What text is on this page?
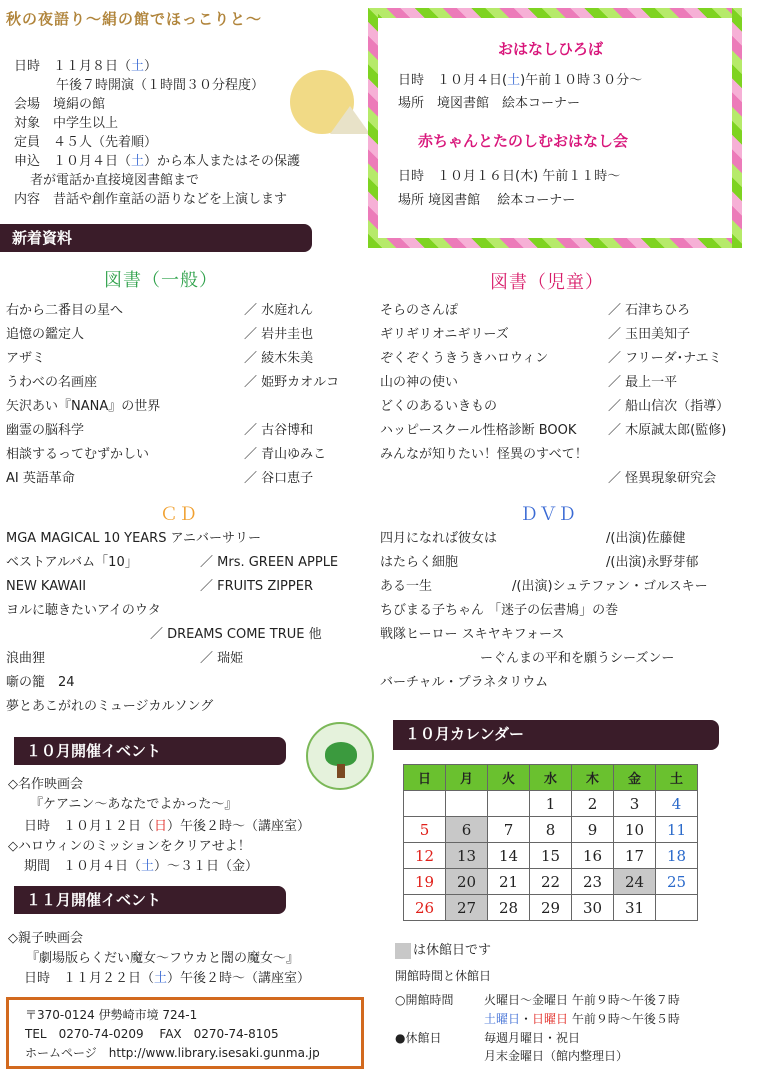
秋の夜語り～絹の館でほっこりと～
日時　１１月８日（土）
午後７時開演（１時間３０分程度）
会場　境絹の館
対象　中学生以上
定員　４５人（先着順）
申込　１０月４日（土）から本人またはその保護
者が電話か直接境図書館まで
内容　昔話や創作童話の語りなどを上演します
おはなしひろば
日時　１０月４日(土)午前１０時３０分～
場所　境図書館　絵本コーナー
赤ちゃんとたのしむおはなし会
日時　１０月１６日(木) 午前１１時～
場所 境図書館　 絵本コーナー
新着資料
図書（一般）
右から二番目の星へ	／ 水庭れん
追憶の鑑定人	／ 岩井圭也
アザミ	／ 綾木朱美
うわべの名画座	／ 姫野カオルコ
矢沢あい『NANA』の世界
幽霊の脳科学	／ 古谷博和
相談するってむずかしい	／ 青山ゆみこ
AI 英語革命	／ 谷口恵子
図書（児童）
そらのさんぽ	／ 石津ちひろ
ギリギリオニギリーズ	／ 玉田美知子
ぞくぞくうきうきハロウィン	／ フリーダ･ナエミ
山の神の使い	／ 最上一平
どくのあるいきもの	／ 船山信次（指導）
ハッピースクール性格診断 BOOK ／ 木原誠太郎(監修)
みんなが知りたい！怪異のすべて！
／ 怪異現象研究会
ＣＤ
MGA MAGICAL 10 YEARS アニバーサリー
ベストアルバム「10」	／ Mrs. GREEN APPLE
NEW KAWAII	／ FRUITS ZIPPER
ヨルに聴きたいアイのウタ
／ DREAMS COME TRUE 他
浪曲狸	／ 瑞姫
噺の籠　24
夢とあこがれのミュージカルソング
ＤＶＤ
四月になれば彼女は	/(出演)佐藤健
はたらく細胞	/(出演)永野芽郁
ある一生	/(出演)シュテファン・ゴルスキー
ちびまる子ちゃん 「迷子の伝書鳩」の巻
戦隊ヒーロー スキヤキフォース
ーぐんまの平和を願うシーズンー
バーチャル・プラネタリウム
１０月開催イベント
◇名作映画会
『ケアニン～あなたでよかった～』
日時　１０月１２日（日）午後２時～（講座室）
◇ハロウィンのミッションをクリアせよ！
期間　１０月４日（土）～３１日（金）
１１月開催イベント
◇親子映画会
『劇場版らくだい魔女～フウカと闇の魔女～』
日時　１１月２２日（土）午後２時～（講座室）
〒370-0124 伊勢崎市境 724-1
TEL　0270-74-0209　 FAX　0270-74-8105
ホームページ　http://www.library.isesaki.gunma.jp
１０月カレンダー
日	月	火	水	木	金	土
			1	2	3	4
5	6	7	8	9	10	11
12	13	14	15	16	17	18
19	20	21	22	23	24	25
26	27	28	29	30	31	
は休館日です
開館時間と休館日
○開館時間	火曜日～金曜日 午前９時～午後７時
土曜日・日曜日 午前９時～午後５時
●休館日	毎週月曜日・祝日
月末金曜日（館内整理日）
